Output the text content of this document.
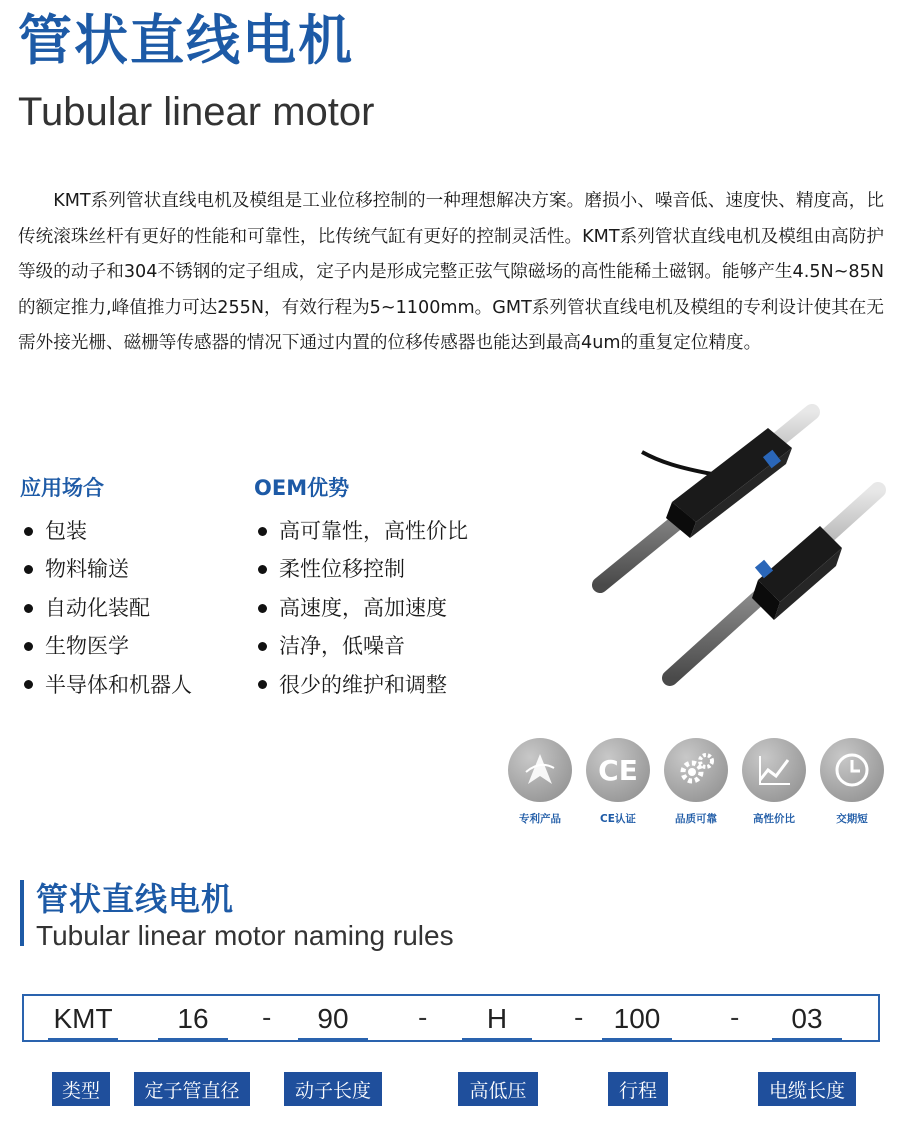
管状直线电机
Tubular linear motor

KMT系列管状直线电机及模组是工业位移控制的一种理想解决方案。磨损小、噪音低、速度快、精度高，比传统滚珠丝杆有更好的性能和可靠性，比传统气缸有更好的控制灵活性。KMT系列管状直线电机及模组由高防护等级的动子和304不锈钢的定子组成，定子内是形成完整正弦气隙磁场的高性能稀土磁钢。能够产生4.5N~85N的额定推力,峰值推力可达255N，有效行程为5~1100mm。GMT系列管状直线电机及模组的专利设计使其在无需外接光栅、磁栅等传感器的情况下通过内置的位移传感器也能达到最高4um的重复定位精度。

应用场合
包装
物料输送
自动化装配
生物医学
半导体和机器人
OEM优势
高可靠性，高性价比
柔性位移控制
高速度，高加速度
洁净，低噪音
很少的维护和调整
专利产品
CE
CE认证	品质可靠	高性价比	交期短
管状直线电机
Tubular linear motor naming rules
KMT	16	-	90	-	H	-	100	-	03
类型	定子管直径	动子长度	高低压	行程	电缆长度
